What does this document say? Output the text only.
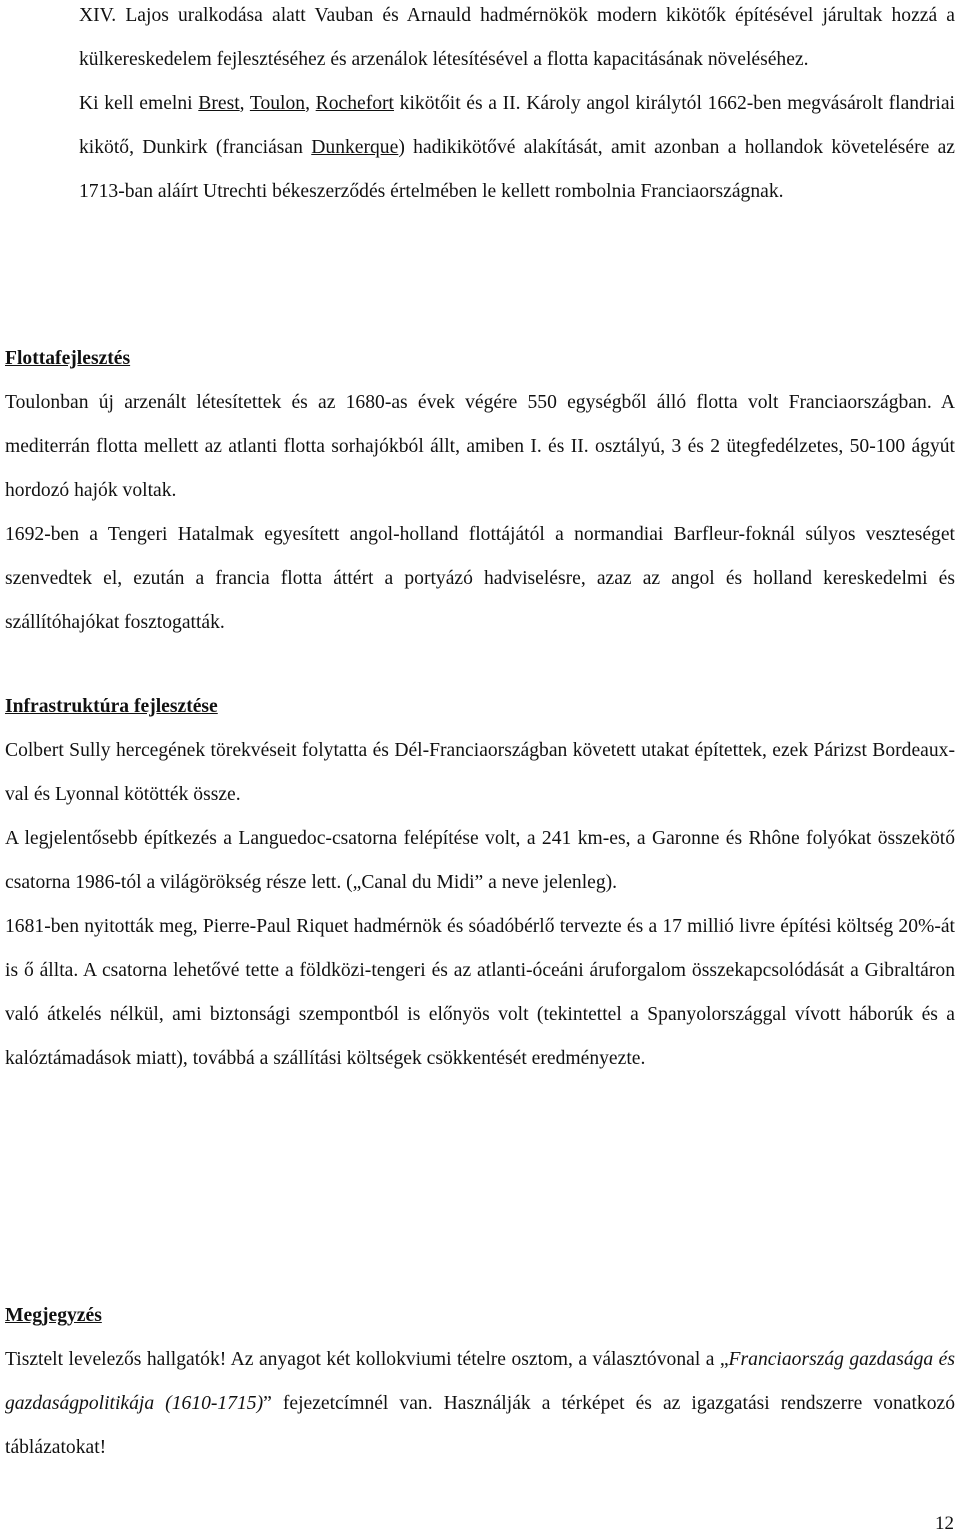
XIV. Lajos uralkodása alatt Vauban és Arnauld hadmérnökök modern kikötők építésével járultak hozzá a külkereskedelem fejlesztéséhez és arzenálok létesítésével a flotta kapacitásának növeléséhez.

Ki kell emelni Brest, Toulon, Rochefort kikötőit és a II. Károly angol királytól 1662-ben megvásárolt flandriai kikötő, Dunkirk (franciásan Dunkerque) hadikikötővé alakítását, amit azonban a hollandok követelésére az 1713-ban aláírt Utrechti békeszerződés értelmében le kellett rombolnia Franciaországnak.

Flottafejlesztés

Toulonban új arzenált létesítettek és az 1680-as évek végére 550 egységből álló flotta volt Franciaországban. A mediterrán flotta mellett az atlanti flotta sorhajókból állt, amiben I. és II. osztályú, 3 és 2 ütegfedélzetes, 50-100 ágyút hordozó hajók voltak.

1692-ben a Tengeri Hatalmak egyesített angol-holland flottájától a normandiai Barfleur-foknál súlyos veszteséget szenvedtek el, ezután a francia flotta áttért a portyázó hadviselésre, azaz az angol és holland kereskedelmi és szállítóhajókat fosztogatták.

Infrastruktúra fejlesztése

Colbert Sully hercegének törekvéseit folytatta és Dél-Franciaországban követett utakat építettek, ezek Párizst Bordeaux-val és Lyonnal kötötték össze.

A legjelentősebb építkezés a Languedoc-csatorna felépítése volt, a 241 km-es, a Garonne és Rhône folyókat összekötő csatorna 1986-tól a világörökség része lett. („Canal du Midi” a neve jelenleg).

1681-ben nyitották meg, Pierre-Paul Riquet hadmérnök és sóadóbérlő tervezte és a 17 millió livre építési költség 20%-át is ő állta. A csatorna lehetővé tette a földközi-tengeri és az atlanti-óceáni áruforgalom összekapcsolódását a Gibraltáron való átkelés nélkül, ami biztonsági szempontból is előnyös volt (tekintettel a Spanyolországgal vívott háborúk és a kalóztámadások miatt), továbbá a szállítási költségek csökkentését eredményezte.

Megjegyzés

Tisztelt levelezős hallgatók! Az anyagot két kollokviumi tételre osztom, a választóvonal a „Franciaország gazdasága és gazdaságpolitikája (1610-1715)” fejezetcímnél van. Használják a térképet és az igazgatási rendszerre vonatkozó táblázatokat!

12
